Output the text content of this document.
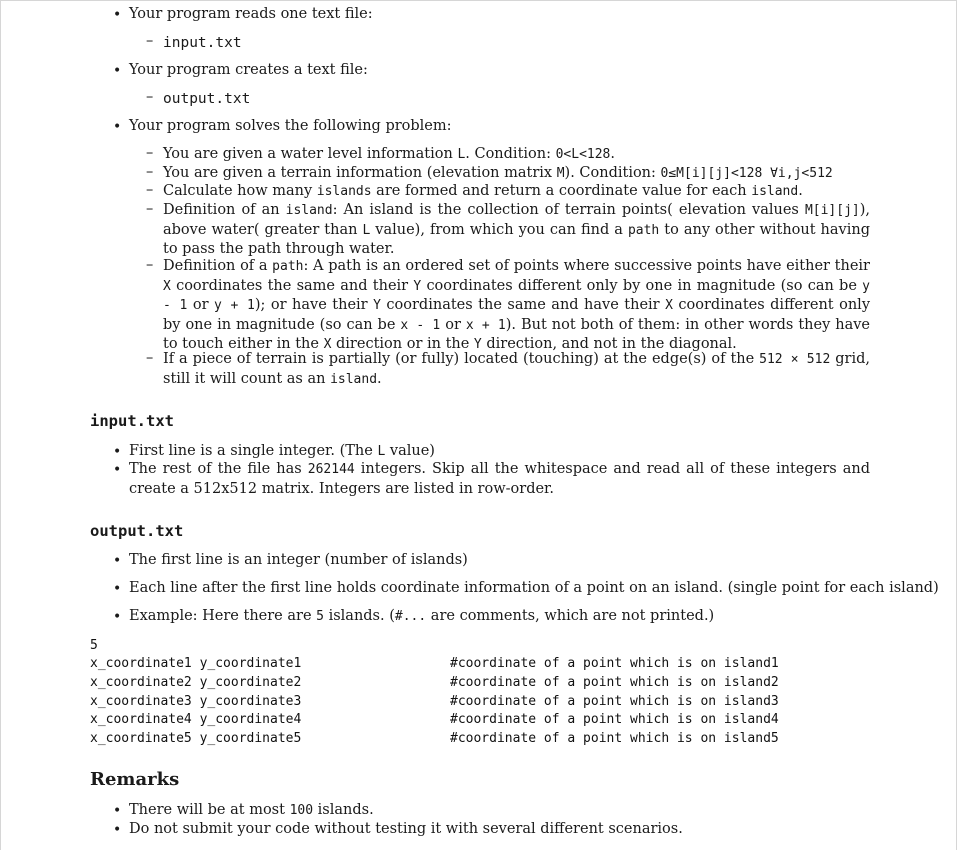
• Your program reads one text file:
– input.txt
• Your program creates a text file:
– output.txt
• Your program solves the following problem:
– You are given a water level information L. Condition: 0<L<128.
– You are given a terrain information (elevation matrix M). Condition: 0≤M[i][j]<128 ∀i,j<512
– Calculate how many islands are formed and return a coordinate value for each island.
– Definition of an island: An island is the collection of terrain points( elevation values M[i][j]), above water( greater than L value), from which you can find a path to any other without having to pass the path through water.
– Definition of a path: A path is an ordered set of points where successive points have either their X coordinates the same and their Y coordinates different only by one in magnitude (so can be y - 1 or y + 1); or have their Y coordinates the same and have their X coordinates different only by one in magnitude (so can be x - 1 or x + 1). But not both of them: in other words they have to touch either in the X direction or in the Y direction, and not in the diagonal.
– If a piece of terrain is partially (or fully) located (touching) at the edge(s) of the 512 × 512 grid, still it will count as an island.
input.txt
• First line is a single integer. (The L value)
• The rest of the file has 262144 integers. Skip all the whitespace and read all of these integers and create a 512x512 matrix. Integers are listed in row-order.
output.txt
• The first line is an integer (number of islands)
• Each line after the first line holds coordinate information of a point on an island. (single point for each island)
• Example: Here there are 5 islands. (#... are comments, which are not printed.)
5
x_coordinate1 y_coordinate1
x_coordinate2 y_coordinate2
x_coordinate3 y_coordinate3
x_coordinate4 y_coordinate4
x_coordinate5 y_coordinate5
#coordinate of a point which is on island1
#coordinate of a point which is on island2
#coordinate of a point which is on island3
#coordinate of a point which is on island4
#coordinate of a point which is on island5
Remarks
• There will be at most 100 islands.
• Do not submit your code without testing it with several different scenarios.
